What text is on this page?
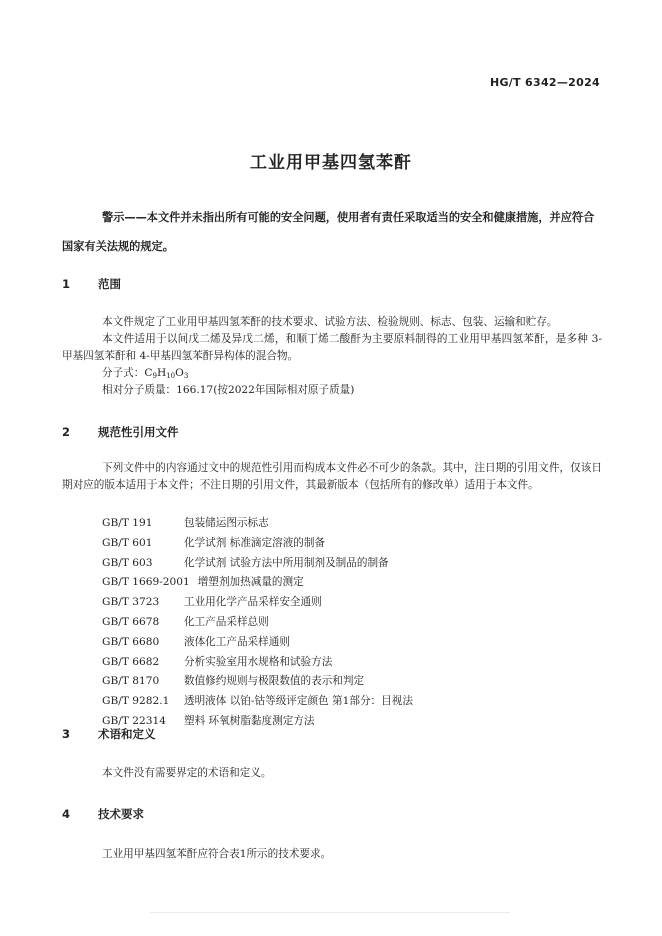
HG/T 6342—2024
工业用甲基四氢苯酐
警示——本文件并未指出所有可能的安全问题，使用者有责任采取适当的安全和健康措施，并应符合国家有关法规的规定。
1 范围
本文件规定了工业用甲基四氢苯酐的技术要求、试验方法、检验规则、标志、包装、运输和贮存。
本文件适用于以间戊二烯及异戊二烯，和顺丁烯二酸酐为主要原料制得的工业用甲基四氢苯酐，是多种 3-甲基四氢苯酐和 4-甲基四氢苯酐异构体的混合物。
分子式：$C_9H_{10}O_3$
相对分子质量：166.17(按2022年国际相对原子质量)
2 规范性引用文件
下列文件中的内容通过文中的规范性引用而构成本文件必不可少的条款。其中，注日期的引用文件，仅该日期对应的版本适用于本文件；不注日期的引用文件，其最新版本（包括所有的修改单）适用于本文件。
GB/T 191	包装储运图示标志
GB/T 601	化学试剂 标准滴定溶液的制备
GB/T 603	化学试剂 试验方法中所用制剂及制品的制备
GB/T 1669-2001 增塑剂加热减量的测定
GB/T 3723 工业用化学产品采样安全通则
GB/T 6678 化工产品采样总则
GB/T 6680 液体化工产品采样通则
GB/T 6682 分析实验室用水规格和试验方法
GB/T 8170 数值修约规则与极限数值的表示和判定
GB/T 9282.1 透明液体 以铂-钴等级评定颜色 第1部分：目视法
GB/T 22314 塑料 环氧树脂黏度测定方法
3 术语和定义
本文件没有需要界定的术语和定义。
4 技术要求
工业用甲基四氢苯酐应符合表1所示的技术要求。
